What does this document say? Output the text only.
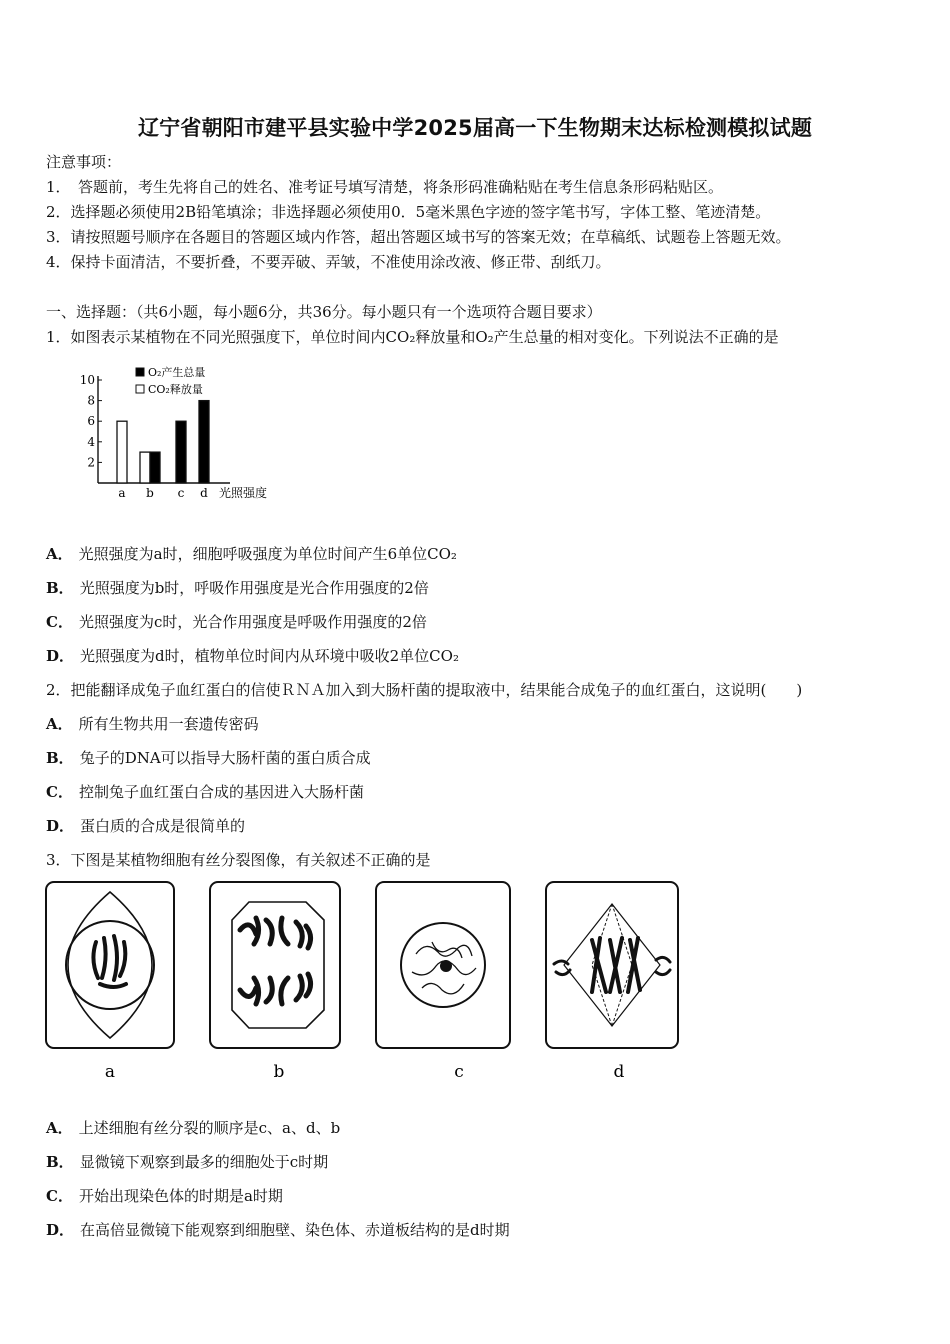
辽宁省朝阳市建平县实验中学2025届高一下生物期末达标检测模拟试题
注意事项：
1．　答题前，考生先将自己的姓名、准考证号填写清楚，将条形码准确粘贴在考生信息条形码粘贴区。
2．选择题必须使用2B铅笔填涂；非选择题必须使用0．5毫米黑色字迹的签字笔书写，字体工整、笔迹清楚。
3．请按照题号顺序在各题目的答题区域内作答，超出答题区域书写的答案无效；在草稿纸、试题卷上答题无效。
4．保持卡面清洁，不要折叠，不要弄破、弄皱，不准使用涂改液、修正带、刮纸刀。
一、选择题：（共6小题，每小题6分，共36分。每小题只有一个选项符合题目要求）
1．如图表示某植物在不同光照强度下，单位时间内CO₂释放量和O₂产生总量的相对变化。下列说法不正确的是
2
4
6
8
10
a b c d 光照强度
O₂产生总量
CO₂释放量
A． 光照强度为a时，细胞呼吸强度为单位时间产生6单位CO₂
B． 光照强度为b时，呼吸作用强度是光合作用强度的2倍
C． 光照强度为c时，光合作用强度是呼吸作用强度的2倍
D． 光照强度为d时，植物单位时间内从环境中吸收2单位CO₂
2．把能翻译成兔子血红蛋白的信使ＲＮＡ加入到大肠杆菌的提取液中，结果能合成兔子的血红蛋白，这说明(　　)
A． 所有生物共用一套遗传密码
B． 兔子的DNA可以指导大肠杆菌的蛋白质合成
C． 控制兔子血红蛋白合成的基因进入大肠杆菌
D． 蛋白质的合成是很简单的
3．下图是某植物细胞有丝分裂图像，有关叙述不正确的是
a	b	c	d
A． 上述细胞有丝分裂的顺序是c、a、d、b
B． 显微镜下观察到最多的细胞处于c时期
C． 开始出现染色体的时期是a时期
D． 在高倍显微镜下能观察到细胞壁、染色体、赤道板结构的是d时期
